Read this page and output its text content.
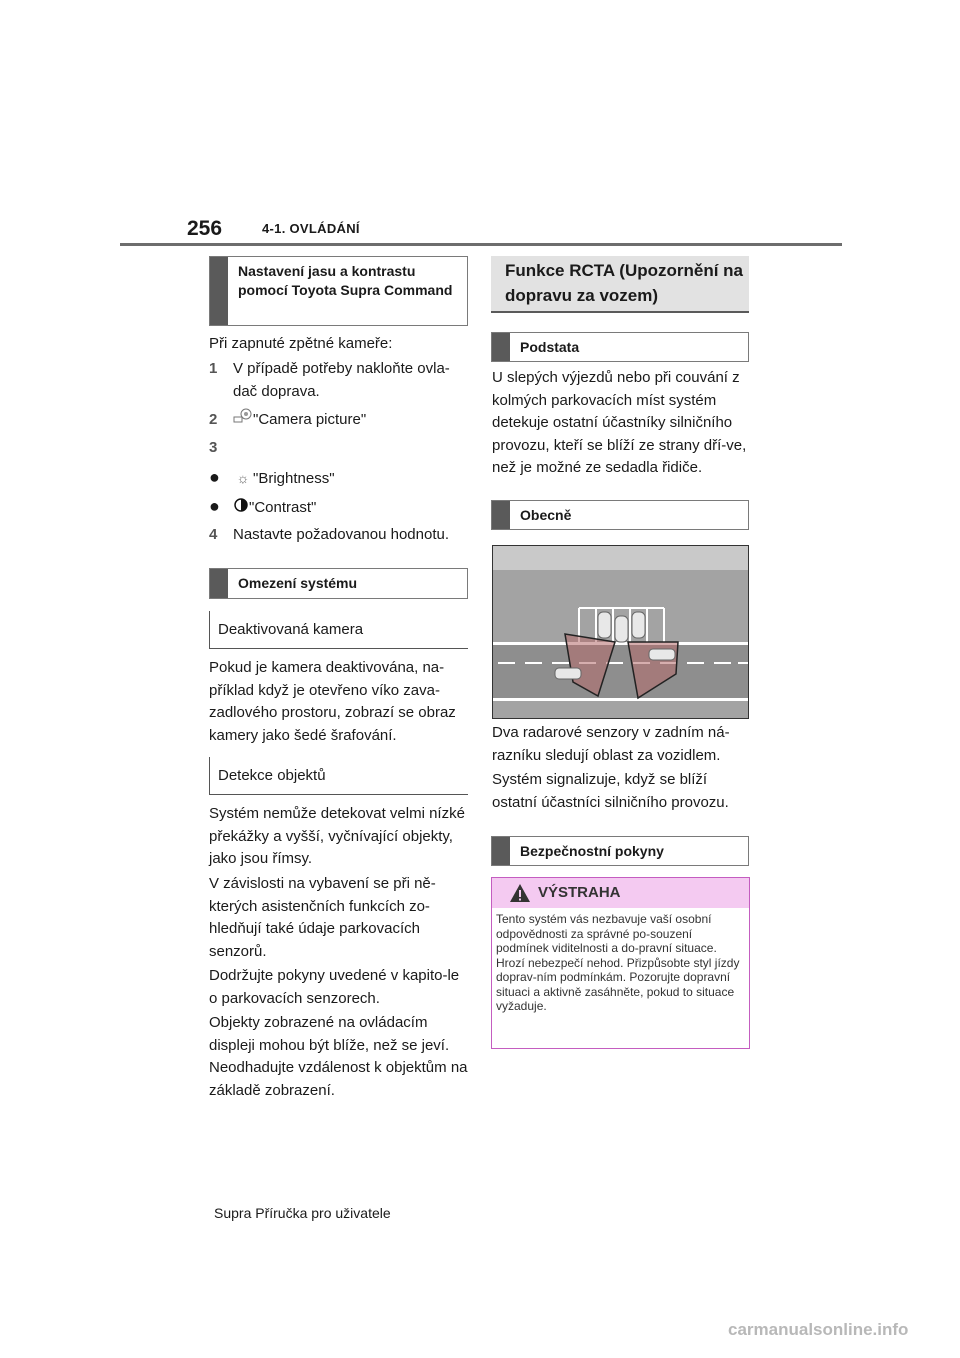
256	4-1. OVLÁDÁNÍ
Nastavení jasu a kontrastu pomocí Toyota Supra Command
Při zapnuté zpětné kameře:
1	V případě potřeby nakloňte ovla-dač doprava.
2 "Camera picture"
3
● ☼ "Brightness"
● "Contrast"
4 Nastavte požadovanou hodnotu.
Omezení systému
Deaktivovaná kamera
Pokud je kamera deaktivována, na-příklad když je otevřeno víko zava-zadlového prostoru, zobrazí se obraz kamery jako šedé šrafování.
Detekce objektů
Systém nemůže detekovat velmi nízké překážky a vyšší, vyčnívající objekty, jako jsou římsy.
V závislosti na vybavení se při ně-kterých asistenčních funkcích zo-hledňují také údaje parkovacích senzorů.
Dodržujte pokyny uvedené v kapito-le o parkovacích senzorech.
Objekty zobrazené na ovládacím displeji mohou být blíže, než se jeví. Neodhadujte vzdálenost k objektům na základě zobrazení.
Funkce RCTA (Upozornění na dopravu za vozem)
Podstata
U slepých výjezdů nebo při couvání z kolmých parkovacích míst systém detekuje ostatní účastníky silničního provozu, kteří se blíží ze strany dří-ve, než je možné ze sedadla řidiče.
Obecně
Dva radarové senzory v zadním ná-razníku sledují oblast za vozidlem.
Systém signalizuje, když se blíží ostatní účastníci silničního provozu.
Bezpečnostní pokyny
VÝSTRAHA
Tento systém vás nezbavuje vaší osobní odpovědnosti za správné po-souzení podmínek viditelnosti a do-pravní situace. Hrozí nebezpečí nehod. Přizpůsobte styl jízdy doprav-ním podmínkám. Pozorujte dopravní situaci a aktivně zasáhněte, pokud to situace vyžaduje.
Supra Příručka pro uživatele
carmanualsonline.info
